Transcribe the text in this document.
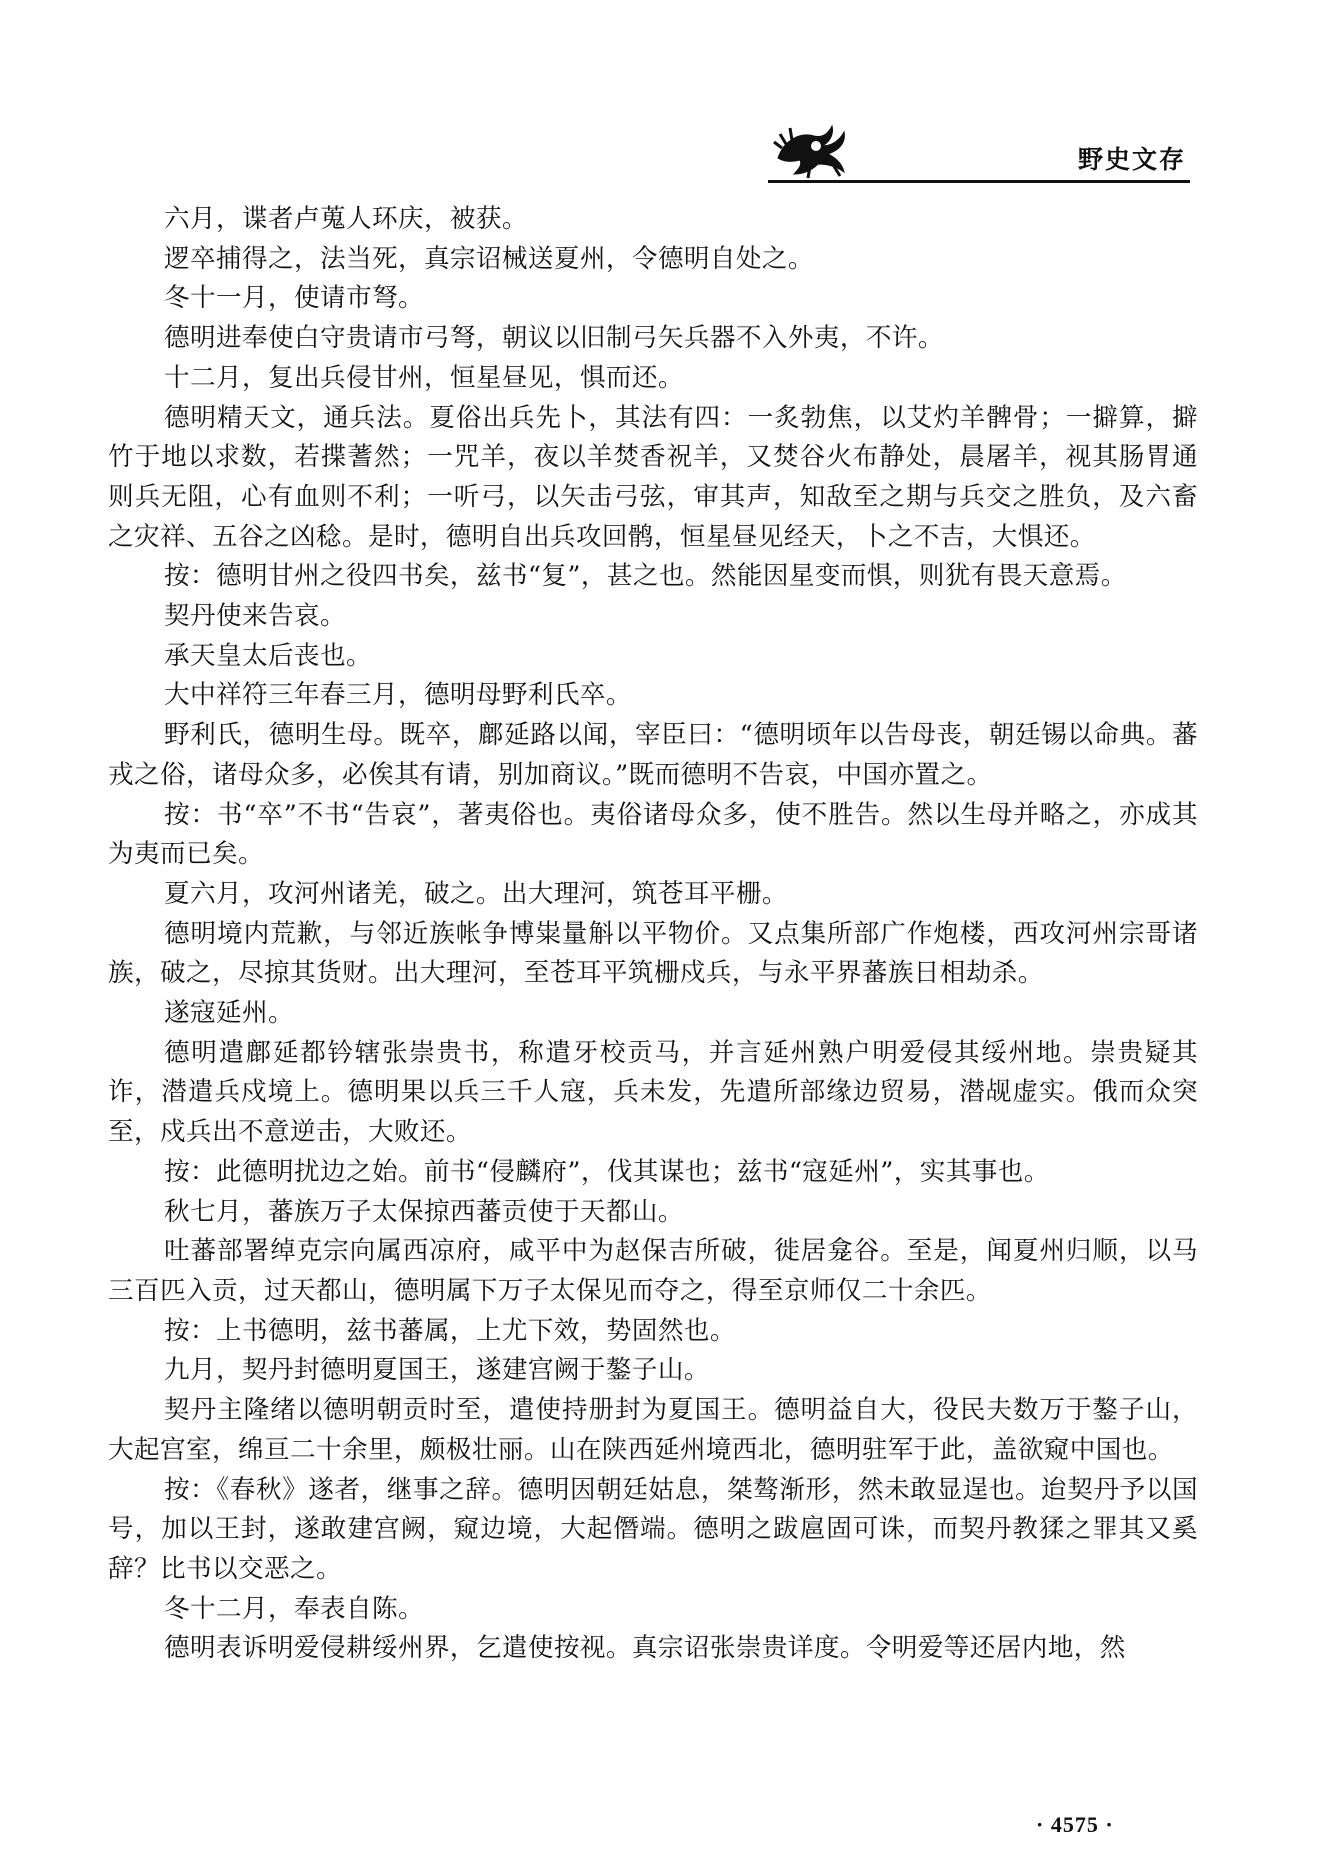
野史文存

六月，谍者卢蒐人环庆，被获。

逻卒捕得之，法当死，真宗诏械送夏州，令德明自处之。

冬十一月，使请市弩。

德明进奉使白守贵请市弓弩，朝议以旧制弓矢兵器不入外夷，不许。

十二月，复出兵侵甘州，恒星昼见，惧而还。

德明精天文，通兵法。夏俗出兵先卜，其法有四：一炙勃焦，以艾灼羊髀骨；一擗算，擗竹于地以求数，若揲蓍然；一咒羊，夜以羊焚香祝羊，又焚谷火布静处，晨屠羊，视其肠胃通则兵无阻，心有血则不利；一听弓，以矢击弓弦，审其声，知敌至之期与兵交之胜负，及六畜之灾祥、五谷之凶稔。是时，德明自出兵攻回鹘，恒星昼见经天，卜之不吉，大惧还。

按：德明甘州之役四书矣，兹书“复”，甚之也。然能因星变而惧，则犹有畏天意焉。

契丹使来告哀。

承天皇太后丧也。

大中祥符三年春三月，德明母野利氏卒。

野利氏，德明生母。既卒，鄜延路以闻，宰臣曰：“德明顷年以告母丧，朝廷锡以命典。蕃戎之俗，诸母众多，必俟其有请，别加商议。”既而德明不告哀，中国亦置之。

按：书“卒”不书“告哀”，著夷俗也。夷俗诸母众多，使不胜告。然以生母并略之，亦成其为夷而已矣。

夏六月，攻河州诸羌，破之。出大理河，筑苍耳平栅。

德明境内荒歉，与邻近族帐争博粜量斛以平物价。又点集所部广作炮楼，西攻河州宗哥诸族，破之，尽掠其货财。出大理河，至苍耳平筑栅戍兵，与永平界蕃族日相劫杀。

遂寇延州。

德明遣鄜延都钤辖张崇贵书，称遣牙校贡马，并言延州熟户明爱侵其绥州地。崇贵疑其诈，潜遣兵戍境上。德明果以兵三千人寇，兵未发，先遣所部缘边贸易，潜觇虚实。俄而众突至，戍兵出不意逆击，大败还。

按：此德明扰边之始。前书“侵麟府”，伐其谋也；兹书“寇延州”，实其事也。

秋七月，蕃族万子太保掠西蕃贡使于天都山。

吐蕃部署绰克宗向属西凉府，咸平中为赵保吉所破，徙居龛谷。至是，闻夏州归顺，以马三百匹入贡，过天都山，德明属下万子太保见而夺之，得至京师仅二十余匹。

按：上书德明，兹书蕃属，上尤下效，势固然也。

九月，契丹封德明夏国王，遂建宫阙于鏊子山。

契丹主隆绪以德明朝贡时至，遣使持册封为夏国王。德明益自大，役民夫数万于鏊子山，大起宫室，绵亘二十余里，颇极壮丽。山在陕西延州境西北，德明驻军于此，盖欲窥中国也。

按：《春秋》遂者，继事之辞。德明因朝廷姑息，桀骜渐形，然未敢显逞也。迨契丹予以国号，加以王封，遂敢建宫阙，窥边境，大起僭端。德明之跋扈固可诛，而契丹教猱之罪其又奚辞？比书以交恶之。

冬十二月，奉表自陈。

德明表诉明爱侵耕绥州界，乞遣使按视。真宗诏张崇贵详度。令明爱等还居内地，然

· 4575 ·
